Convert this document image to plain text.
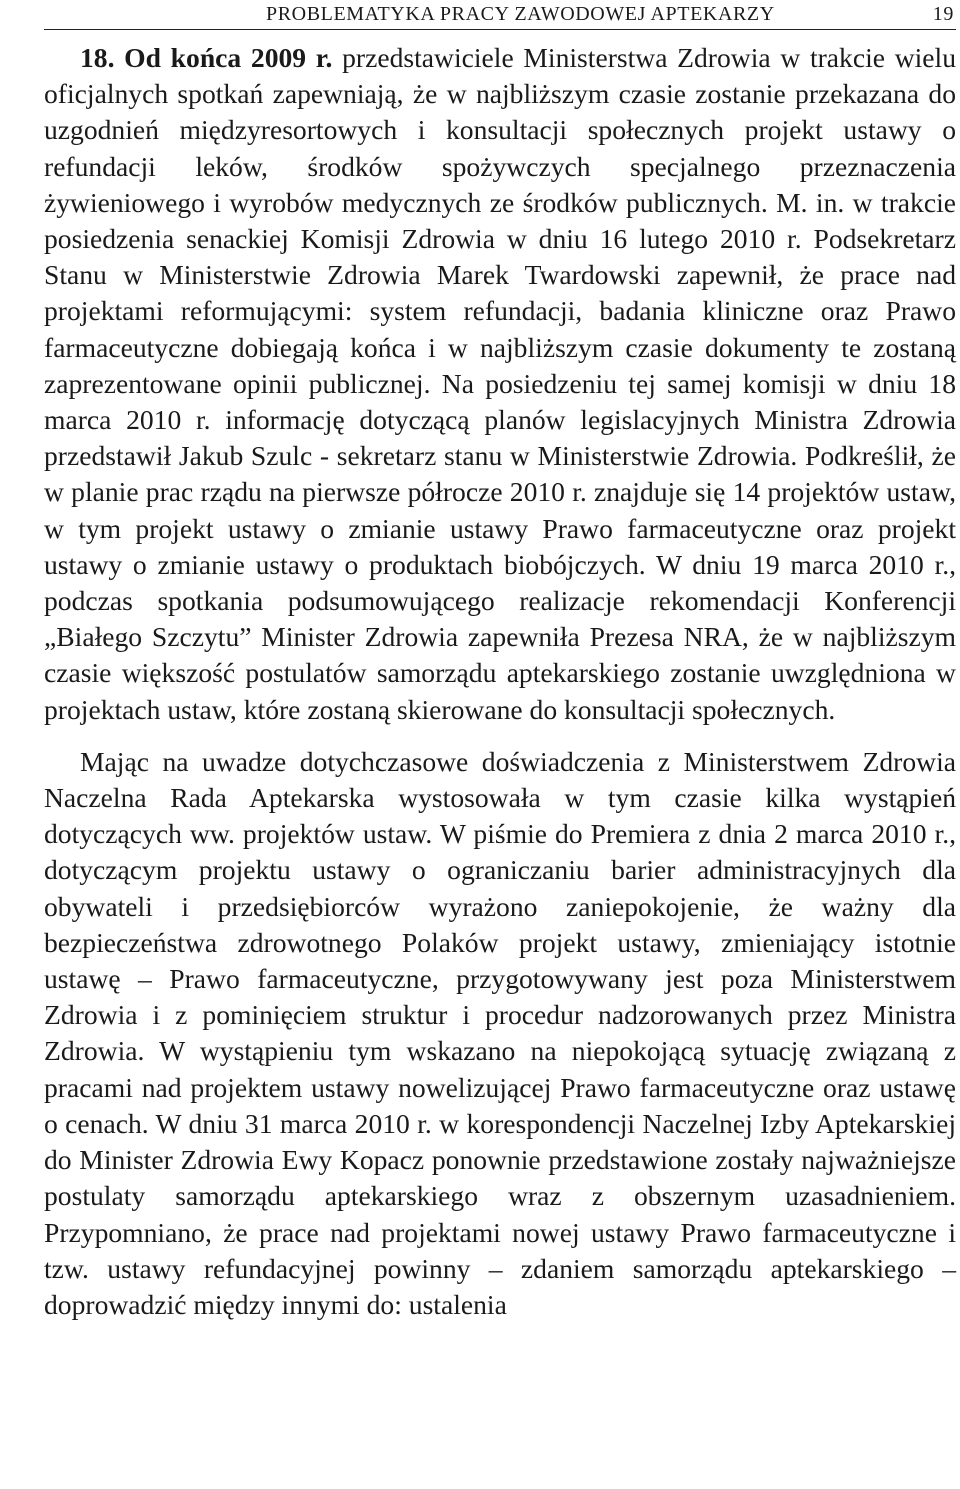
PROBLEMATYKA PRACY ZAWODOWEJ APTEKARZY	19

18. Od końca 2009 r. przedstawiciele Ministerstwa Zdrowia w trakcie wielu oficjalnych spotkań zapewniają, że w najbliższym czasie zostanie przekazana do uzgodnień międzyresortowych i konsultacji społecznych projekt ustawy o refundacji leków, środków spożywczych specjalnego przeznaczenia żywieniowego i wyrobów medycznych ze środków publicznych. M. in. w trakcie posiedzenia senackiej Komisji Zdrowia w dniu 16 lutego 2010 r. Podsekretarz Stanu w Ministerstwie Zdrowia Marek Twardowski zapewnił, że prace nad projektami reformującymi: system refundacji, badania kliniczne oraz Prawo farmaceutyczne dobiegają końca i w najbliższym czasie dokumenty te zostaną zaprezentowane opinii publicznej. Na posiedzeniu tej samej komisji w dniu 18 marca 2010 r. informację dotyczącą planów legislacyjnych Ministra Zdrowia przedstawił Jakub Szulc - sekretarz stanu w Ministerstwie Zdrowia. Podkreślił, że w planie prac rządu na pierwsze półrocze 2010 r. znajduje się 14 projektów ustaw, w tym projekt ustawy o zmianie ustawy Prawo farmaceutyczne oraz projekt ustawy o zmianie ustawy o produktach biobójczych. W dniu 19 marca 2010 r., podczas spotkania podsumowującego realizacje rekomendacji Konferencji „Białego Szczytu” Minister Zdrowia zapewniła Prezesa NRA, że w najbliższym czasie większość postulatów samorządu aptekarskiego zostanie uwzględniona w projektach ustaw, które zostaną skierowane do konsultacji społecznych.

Mając na uwadze dotychczasowe doświadczenia z Ministerstwem Zdrowia Naczelna Rada Aptekarska wystosowała w tym czasie kilka wystąpień dotyczących ww. projektów ustaw. W piśmie do Premiera z dnia 2 marca 2010 r., dotyczącym projektu ustawy o ograniczaniu barier administracyjnych dla obywateli i przedsiębiorców wyrażono zaniepokojenie, że ważny dla bezpieczeństwa zdrowotnego Polaków projekt ustawy, zmieniający istotnie ustawę – Prawo farmaceutyczne, przygotowywany jest poza Ministerstwem Zdrowia i z pominięciem struktur i procedur nadzorowanych przez Ministra Zdrowia. W wystąpieniu tym wskazano na niepokojącą sytuację związaną z pracami nad projektem ustawy nowelizującej Prawo farmaceutyczne oraz ustawę o cenach. W dniu 31 marca 2010 r. w korespondencji Naczelnej Izby Aptekarskiej do Minister Zdrowia Ewy Kopacz ponownie przedstawione zostały najważniejsze postulaty samorządu aptekarskiego wraz z obszernym uzasadnieniem. Przypomniano, że prace nad projektami nowej ustawy Prawo farmaceutyczne i tzw. ustawy refundacyjnej powinny – zdaniem samorządu aptekarskiego – doprowadzić między innymi do: ustalenia
